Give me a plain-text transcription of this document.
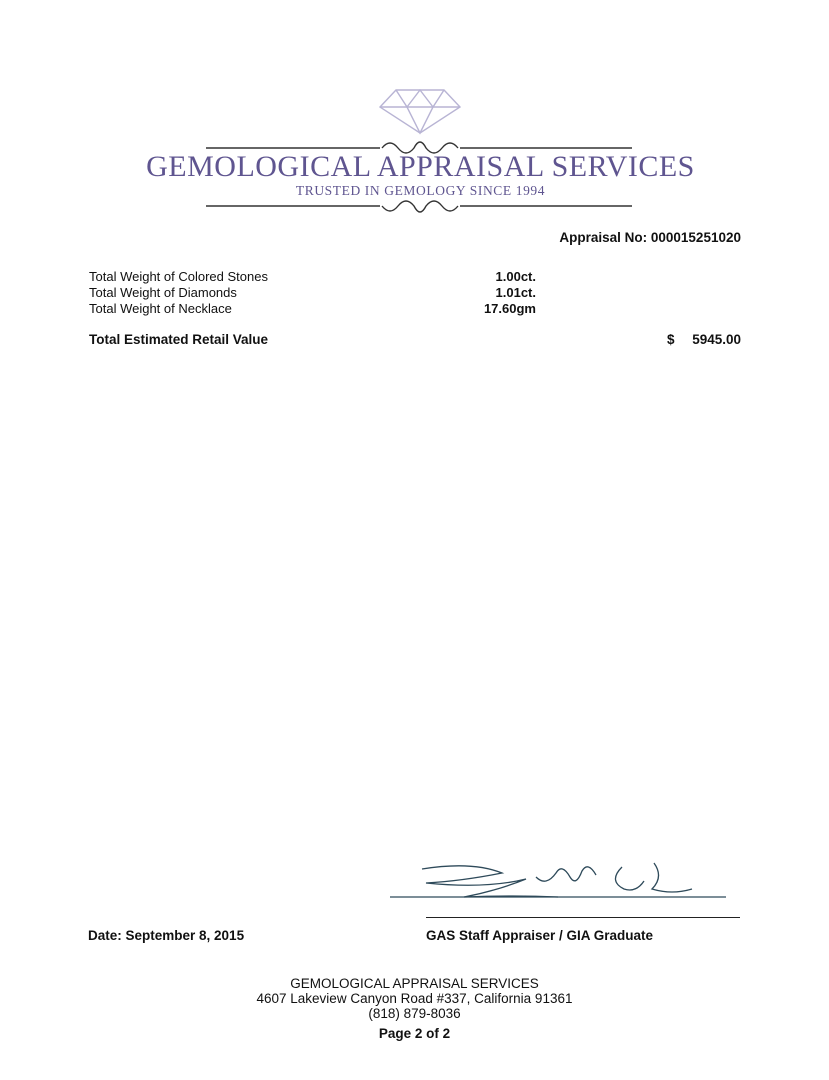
GEMOLOGICAL APPRAISAL SERVICES
TRUSTED IN GEMOLOGY SINCE 1994
Appraisal No: 000015251020
Total Weight of Colored Stones	1.00ct.
Total Weight of Diamonds	1.01ct.
Total Weight of Necklace	17.60gm
Total Estimated Retail Value	$ 5945.00
Date: September 8, 2015	GAS Staff Appraiser / GIA Graduate
GEMOLOGICAL APPRAISAL SERVICES
4607 Lakeview Canyon Road #337, California 91361
(818) 879-8036
Page 2 of 2
